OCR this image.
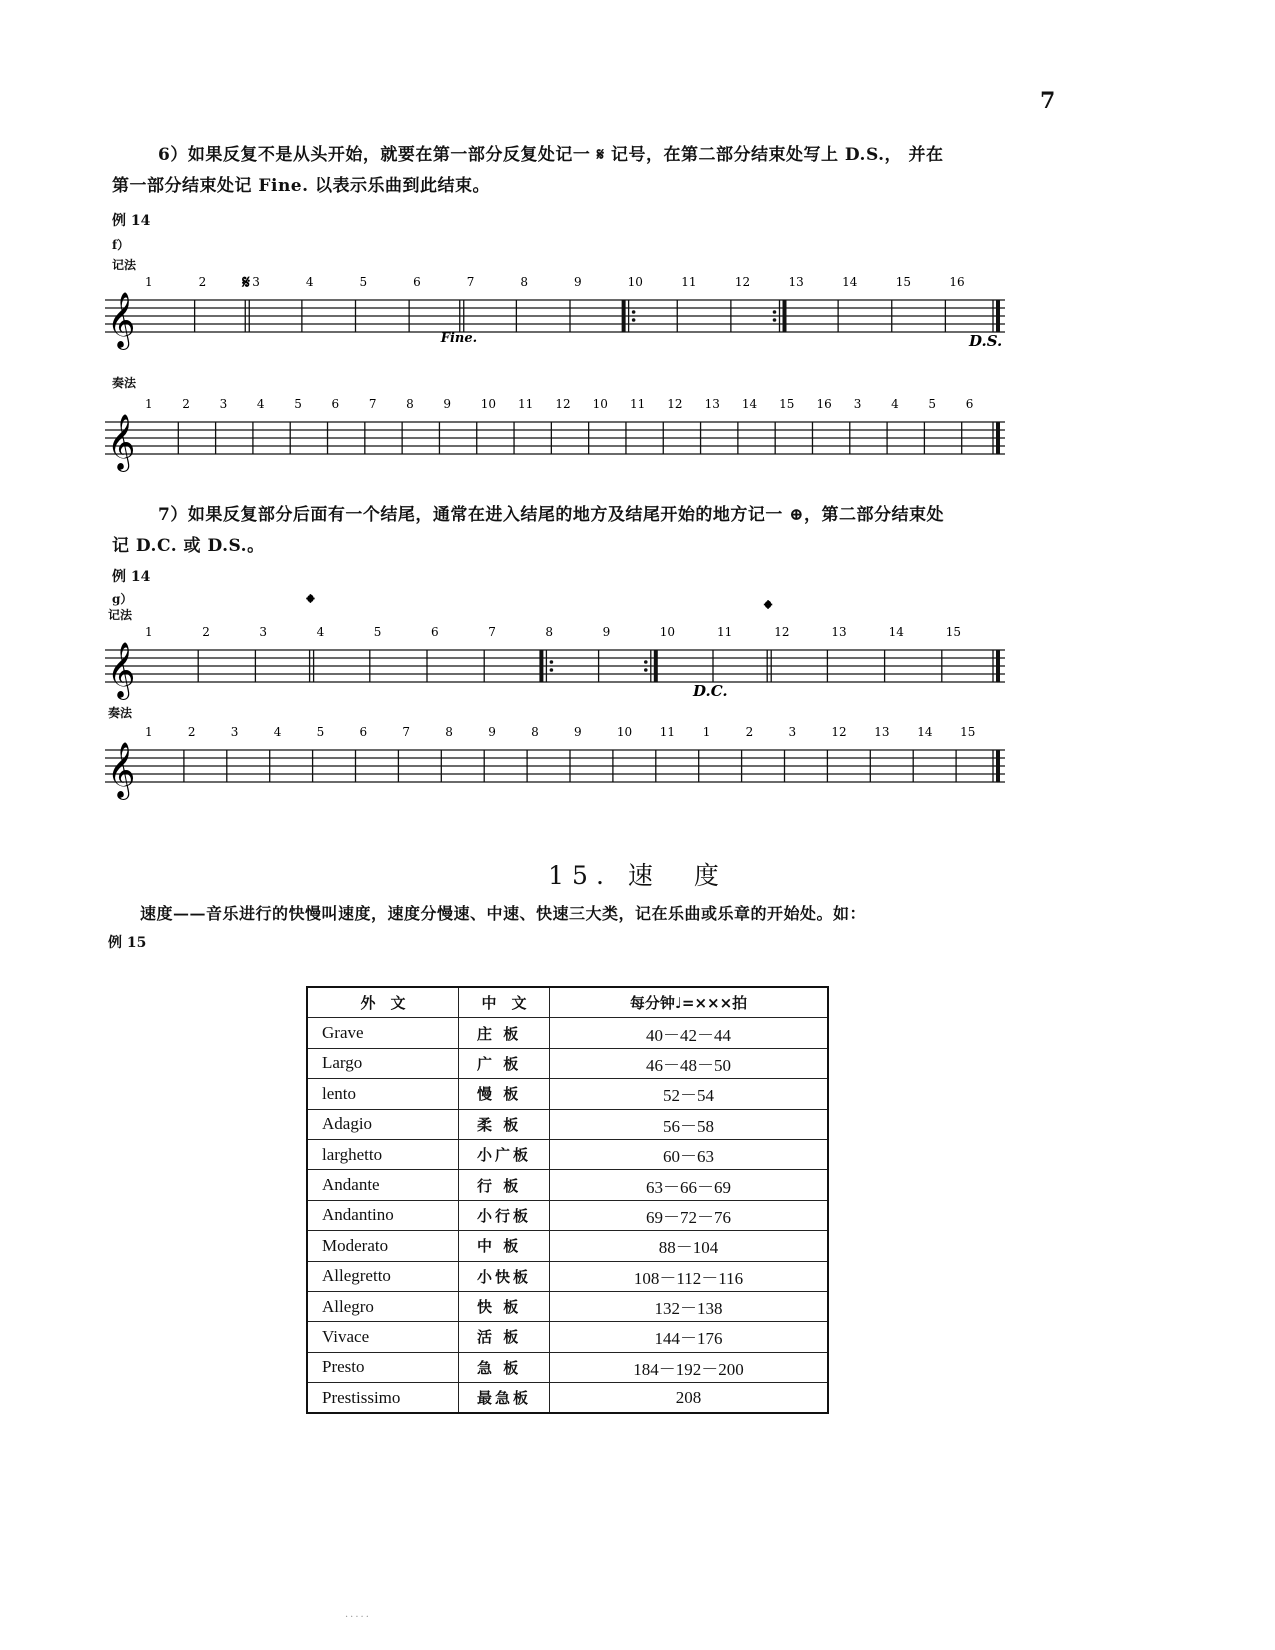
7

6）如果反复不是从头开始，就要在第一部分反复处记一 𝄋 记号，在第二部分结束处写上 D.S.， 并在

第一部分结束处记 Fine. 以表示乐曲到此结束。

例 14
f）
记法
𝄞
1	2	3	4	5	6	7	8	9	10	11	12	13	14	15	16
𝄋
Fine.	D.S.
奏法
𝄞
1 2 3 4 5 6 7 8 9 10 11 12 10 11 12 13 14 15 16 3 4 5 6

7）如果反复部分后面有一个结尾，通常在进入结尾的地方及结尾开始的地方记一 ⊕，第二部分结束处

记 D.C. 或 D.S.。

例 14
g）
记法
𝄞
1	2	3	4	5	6	7	8	9	10	11	12	13	14	15
𝄌	𝄌
D.C.
奏法
𝄞
1	2	3	4	5	6	7	8	9	8	9	10 11 1	2	3	12 13 14 15
15. 速　度
速度——音乐进行的快慢叫速度，速度分慢速、中速、快速三大类，记在乐曲或乐章的开始处。如：
例 15
外　文	中　文	每分钟♩=×××拍
Grave	庄 板	40－42－44
Largo	广 板	46－48－50
lento	慢 板	52－54
Adagio	柔 板	56－58
larghetto	小广板	60－63
Andante	行 板	63－66－69
Andantino	小行板	69－72－76
Moderato	中 板	88－104
Allegretto	小快板	108－112－116
Allegro	快 板	132－138
Vivace	活 板	144－176
Presto	急 板	184－192－200
Prestissimo	最急板	208
·····
